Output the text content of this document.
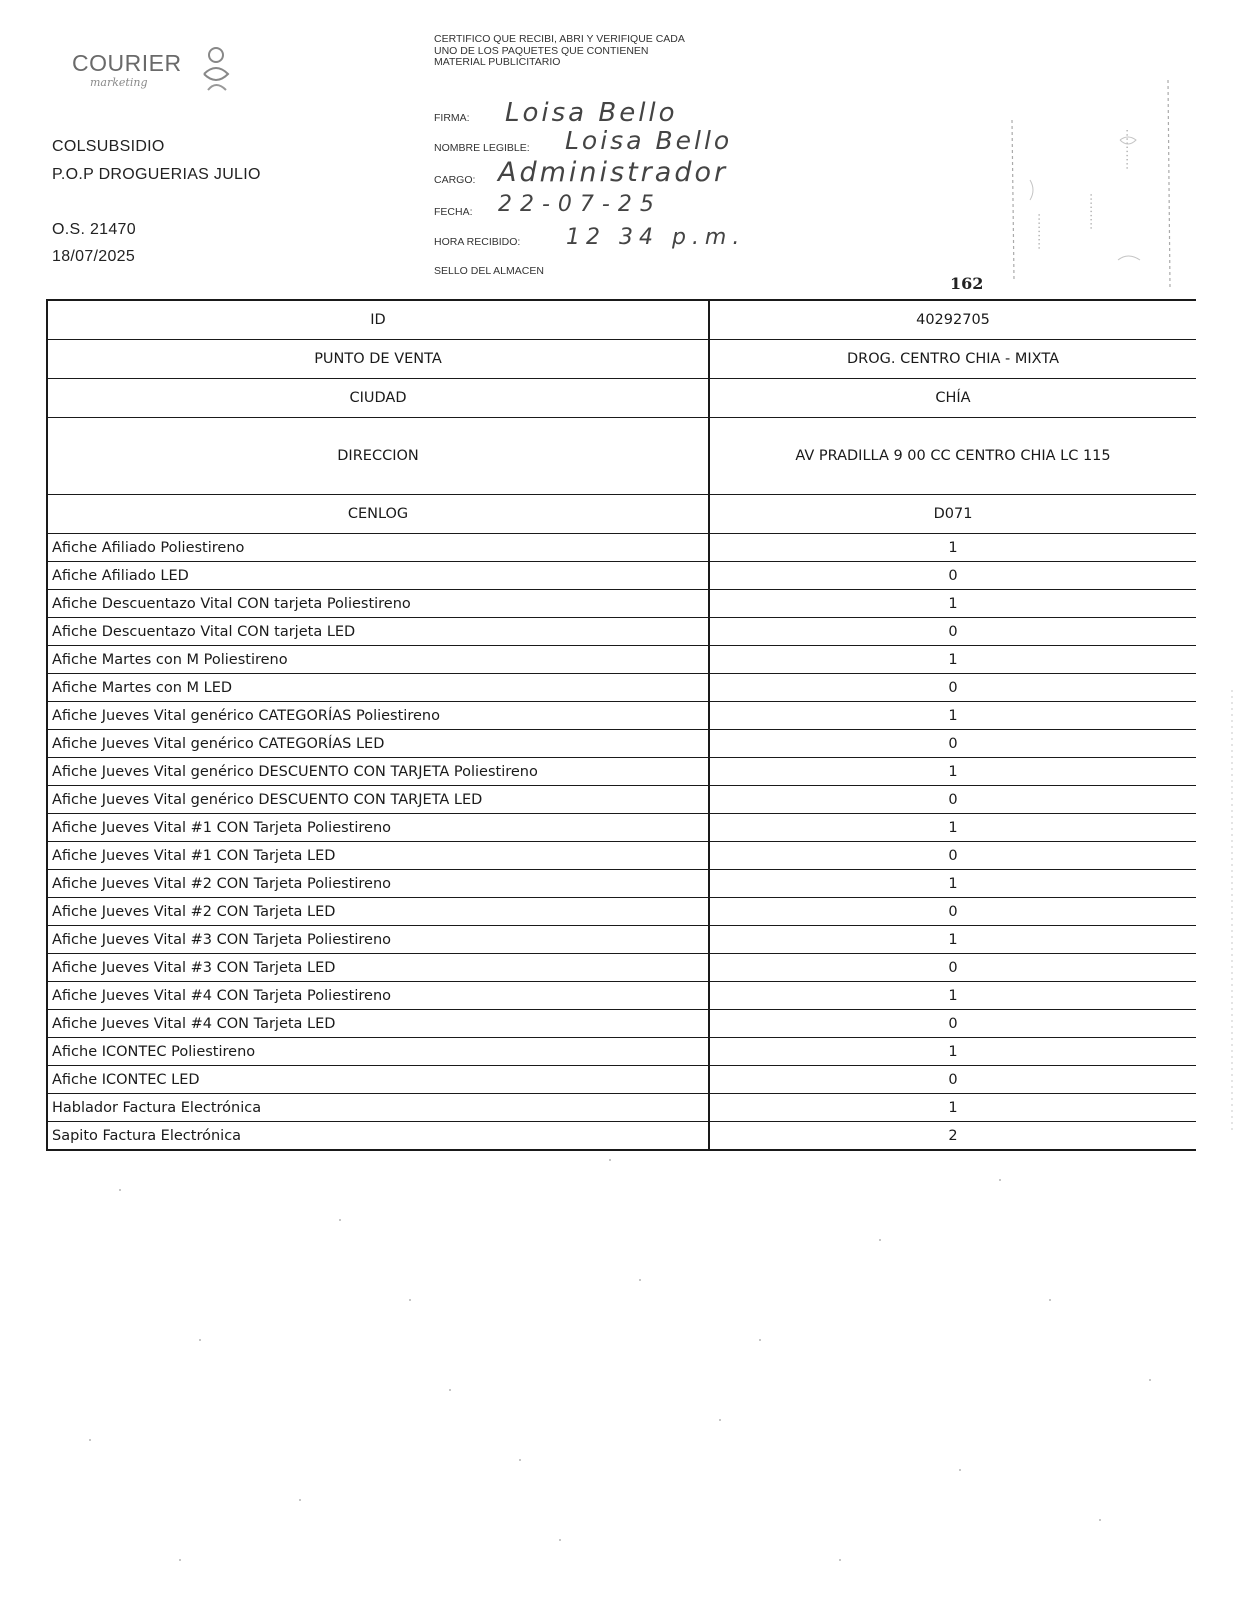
COURIER
marketing
COLSUBSIDIO
P.O.P DROGUERIAS JULIO
O.S. 21470
18/07/2025
CERTIFICO QUE RECIBI, ABRI Y VERIFIQUE CADA UNO DE LOS PAQUETES QUE CONTIENEN MATERIAL PUBLICITARIO
FIRMA: Loisa Bello
NOMBRE LEGIBLE: Loisa Bello
CARGO: Administrador
FECHA: 22-07-25
HORA RECIBIDO: 12 34 p.m.
SELLO DEL ALMACEN
..........
.........
.........
162
ID	40292705
PUNTO DE VENTA	DROG. CENTRO CHIA - MIXTA
CIUDAD	CHÍA
DIRECCION	AV PRADILLA 9 00 CC CENTRO CHIA LC 115
CENLOG	D071
Afiche Afiliado Poliestireno	1
Afiche Afiliado LED	0
Afiche Descuentazo Vital CON tarjeta Poliestireno	1
Afiche Descuentazo Vital CON tarjeta LED	0
Afiche Martes con M Poliestireno	1
Afiche Martes con M LED	0
Afiche Jueves Vital genérico CATEGORÍAS Poliestireno	1
Afiche Jueves Vital genérico CATEGORÍAS LED	0
Afiche Jueves Vital genérico DESCUENTO CON TARJETA Poliestireno	1
Afiche Jueves Vital genérico DESCUENTO CON TARJETA LED	0
Afiche Jueves Vital #1 CON Tarjeta Poliestireno	1
Afiche Jueves Vital #1 CON Tarjeta LED	0
Afiche Jueves Vital #2 CON Tarjeta Poliestireno	1
Afiche Jueves Vital #2 CON Tarjeta LED	0
Afiche Jueves Vital #3 CON Tarjeta Poliestireno	1
Afiche Jueves Vital #3 CON Tarjeta LED	0
Afiche Jueves Vital #4 CON Tarjeta Poliestireno	1
Afiche Jueves Vital #4 CON Tarjeta LED	0
Afiche ICONTEC Poliestireno	1
Afiche ICONTEC LED	0
Hablador Factura Electrónica	1
Sapito Factura Electrónica	2
